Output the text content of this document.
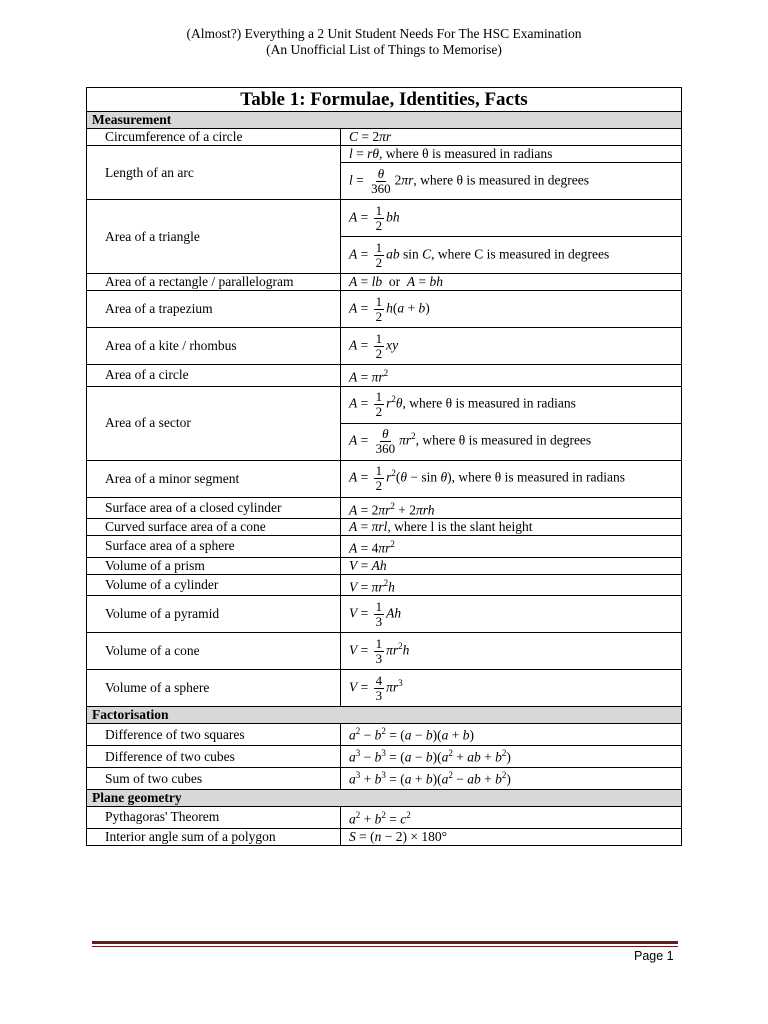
(Almost?) Everything a 2 Unit Student Needs For The HSC Examination
(An Unofficial List of Things to Memorise)
Table 1: Formulae, Identities, Facts	
Measurement	
Circumference of a circle	C = 2πr
Length of an arc	l = rθ, where θ is measured in radians
	$l = \frac{\theta}{360} 2\pi r$, where θ is measured in degrees
Area of a triangle	$A = \frac{1}{2}$ bh
	$A = \frac{1}{2}$ ab sin C, where C is measured in degrees
Area of a rectangle / parallelogram	A = lb  or  A = bh
Area of a trapezium	$A = \frac{1}{2} h(a + b)$
Area of a kite / rhombus	$A = \frac{1}{2}$ xy
Area of a circle	$A = \pi r^2$
Area of a sector	$A = \frac{1}{2} r^2\theta$, where θ is measured in radians
	$A = \frac{\theta}{360} \pi r^2$, where θ is measured in degrees
Area of a minor segment	$A = \frac{1}{2} r^2(\theta - \sin \theta)$, where θ is measured in radians
Surface area of a closed cylinder	$A = 2\pi r^2 + 2\pi rh$
Curved surface area of a cone	A = πrl, where l is the slant height
Surface area of a sphere	$A = 4\pi r^2$
Volume of a prism	V = Ah
Volume of a cylinder	$V = \pi r^2h$
Volume of a pyramid	$V = \frac{1}{3}$ Ah
Volume of a cone	$V = \frac{1}{3} \pi r^2h$
Volume of a sphere	$V = \frac{4}{3} \pi r^3$
Factorisation	
Difference of two squares	$a^2 - b^2 = (a - b)(a + b)$
Difference of two cubes	$a^3 - b^3 = (a - b)(a^2$ + ab + $b^2$)
Sum of two cubes	$a^3 + b^3 = (a + b)(a^2$ − ab + $b^2$)
Plane geometry	
Pythagoras' Theorem	$a^2 + b^2 = c^2$
Interior angle sum of a polygon	S = (n − 2) × 180°
Page 1
